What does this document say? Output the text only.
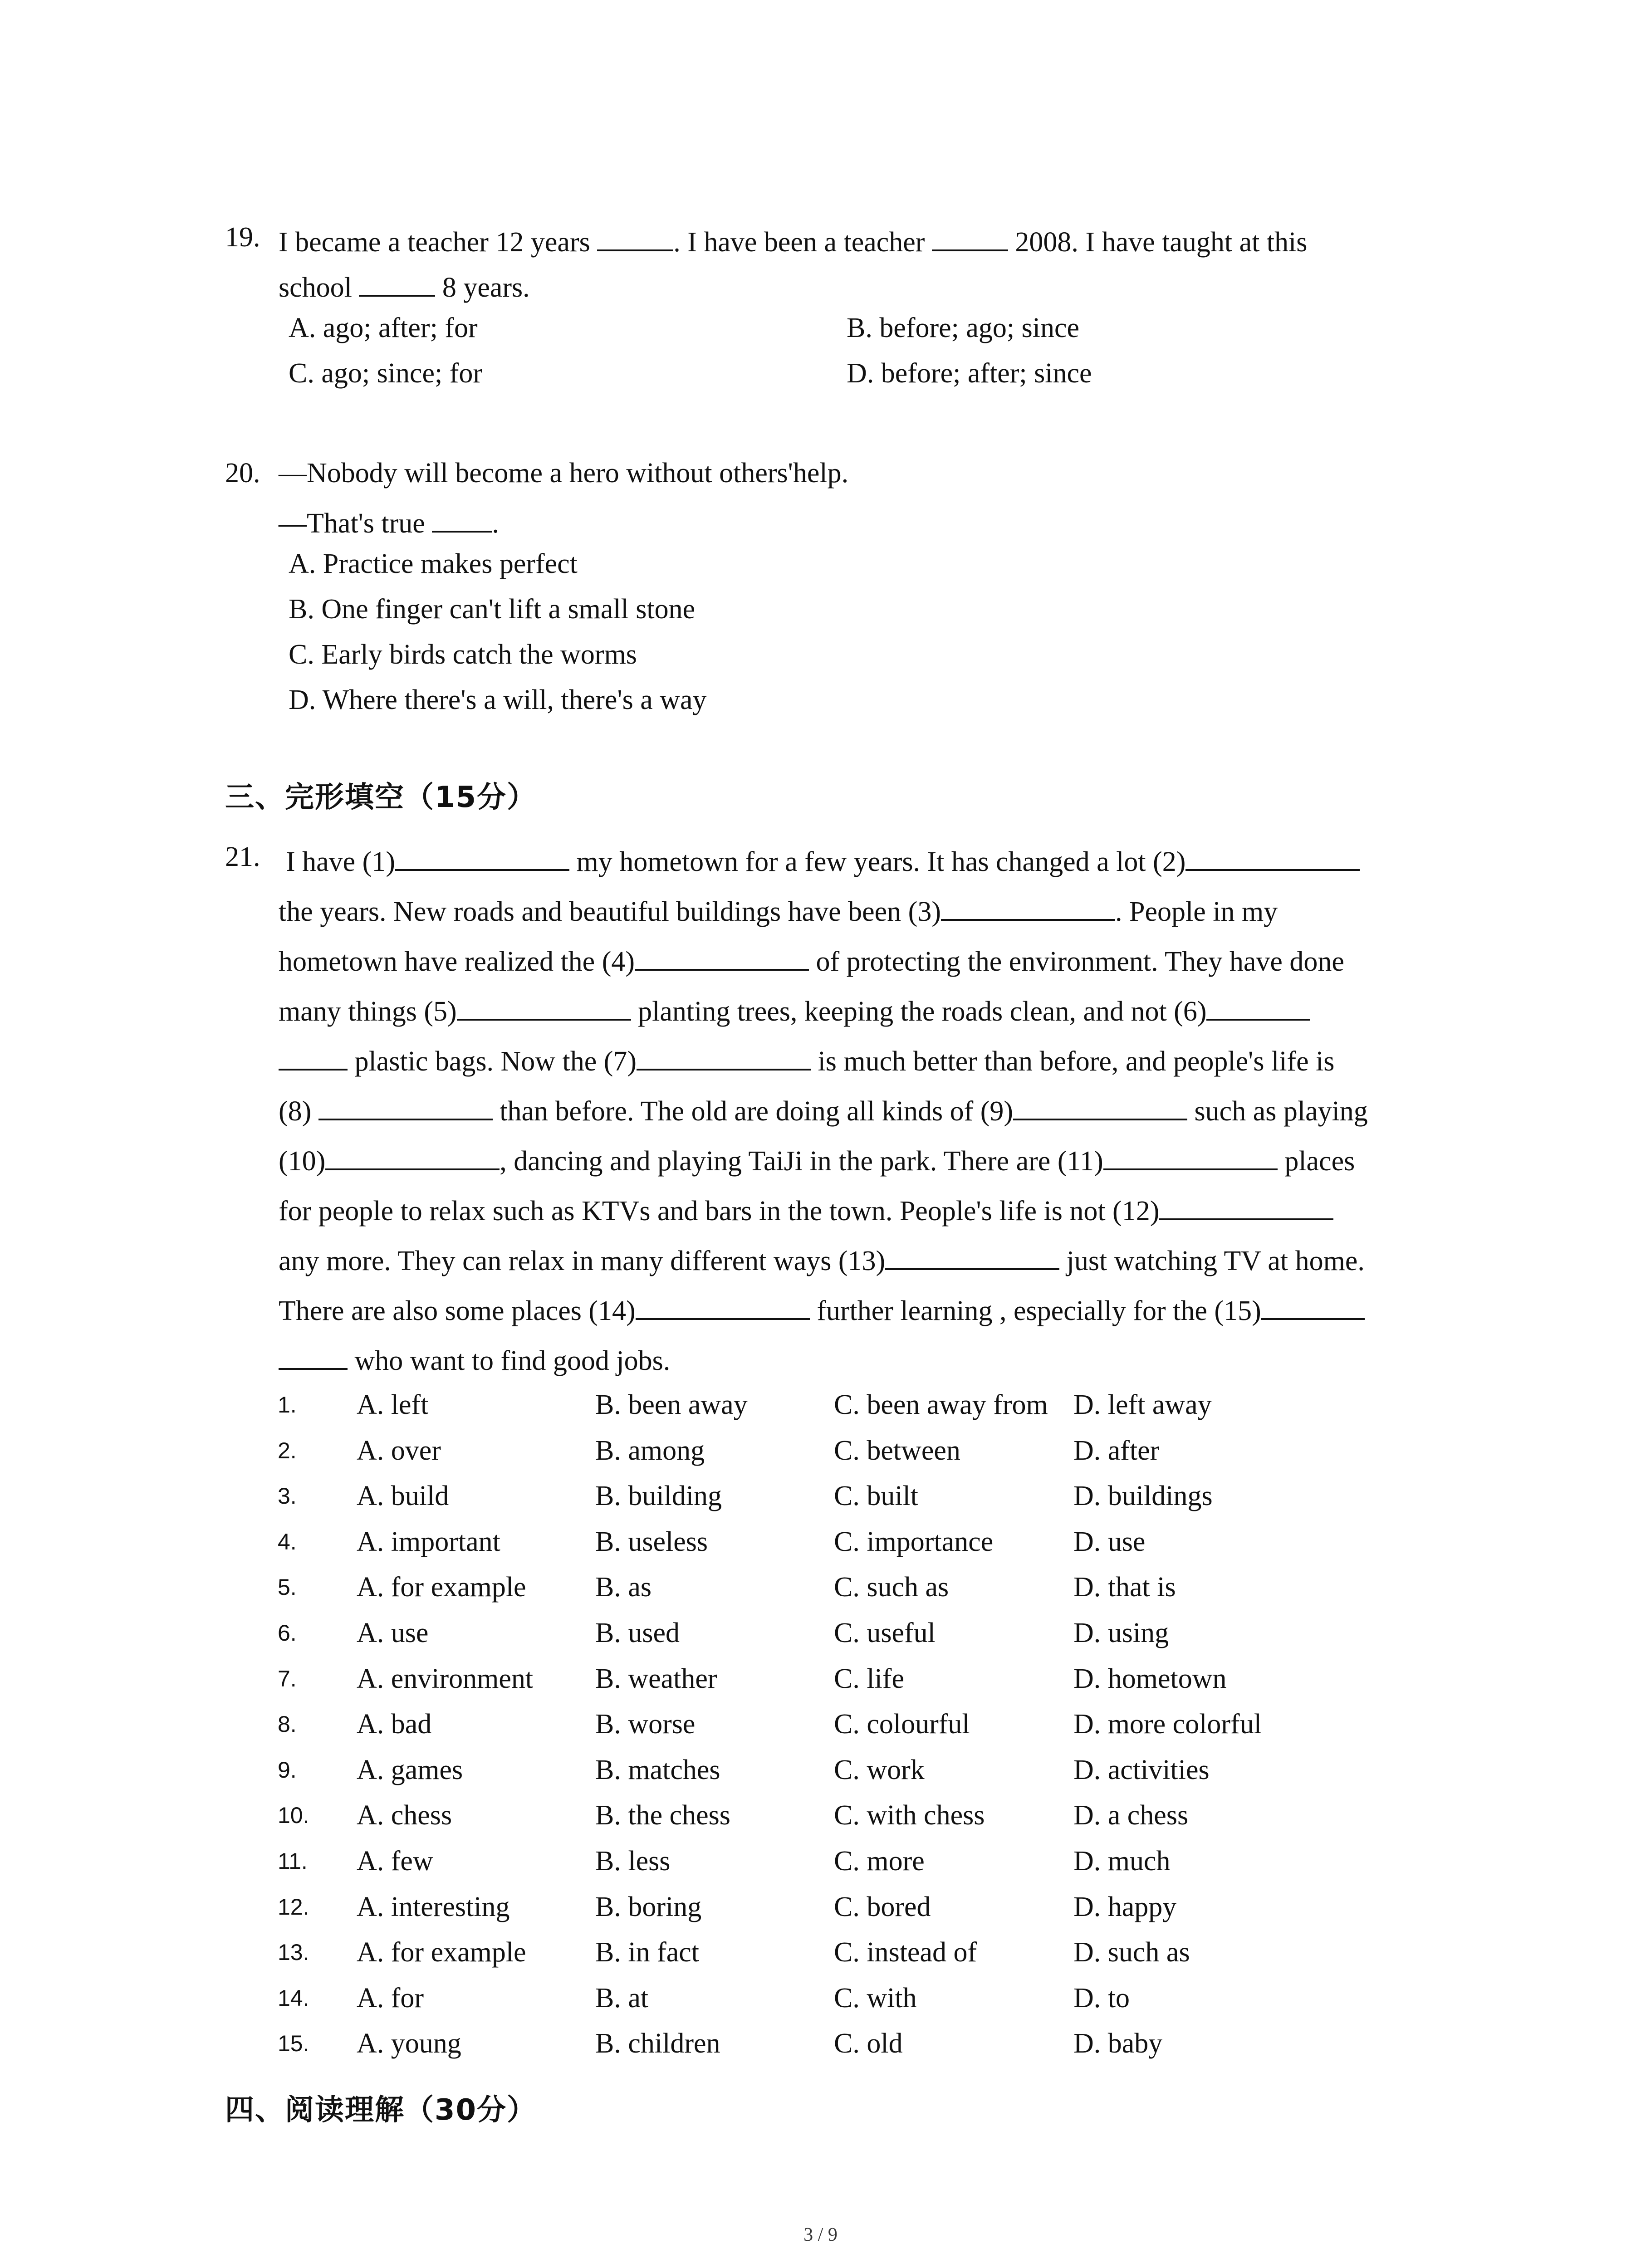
19. I became a teacher 12 years	. I have been a teacher	2008. I have taught at this
school	8 years.
A. ago; after; for	B. before; ago; since
C. ago; since; for	D. before; after; since
20. —Nobody will become a hero without others'help.
—That's true .
A. Practice makes perfect
B. One finger can't lift a small stone
C. Early birds catch the worms
D. Where there's a will, there's a way
三、完形填空（15分）
21. I have (1)	my hometown for a few years. It has changed a lot (2)
the years. New roads and beautiful buildings have been (3)	. People in my
hometown have realized the (4)	of protecting the environment. They have done
many things (5)	planting trees, keeping the roads clean, and not (6)
plastic bags. Now the (7)	is much better than before, and people's life is
(8)	than before. The old are doing all kinds of (9)	such as playing
(10)	, dancing and playing TaiJi in the park. There are (11)	places
for people to relax such as KTVs and bars in the town. People's life is not (12)
any more. They can relax in many different ways (13)	just watching TV at home.
There are also some places (14)	further learning , especially for the (15)
who want to find good jobs.
1. A. left	B. been away	C. been away from D. left away
2. A. over	B. among	C. between	D. after
3. A. build	B. building	C. built	D. buildings
4. A. important	B. useless	C. importance	D. use
5. A. for example B. as	C. such as	D. that is
6. A. use	B. used	C. useful	D. using
7. A. environment B. weather	C. life	D. hometown
8. A. bad	B. worse	C. colourful	D. more colorful
9. A. games	B. matches	C. work	D. activities
10. A. chess	B. the chess	C. with chess	D. a chess
11. A. few	B. less	C. more	D. much
12. A. interesting	B. boring	C. bored	D. happy
13. A. for example B. in fact	C. instead of	D. such as
14. A. for	B. at	C. with	D. to
15. A. young	B. children	C. old	D. baby
四、阅读理解（30分）
3 / 9
